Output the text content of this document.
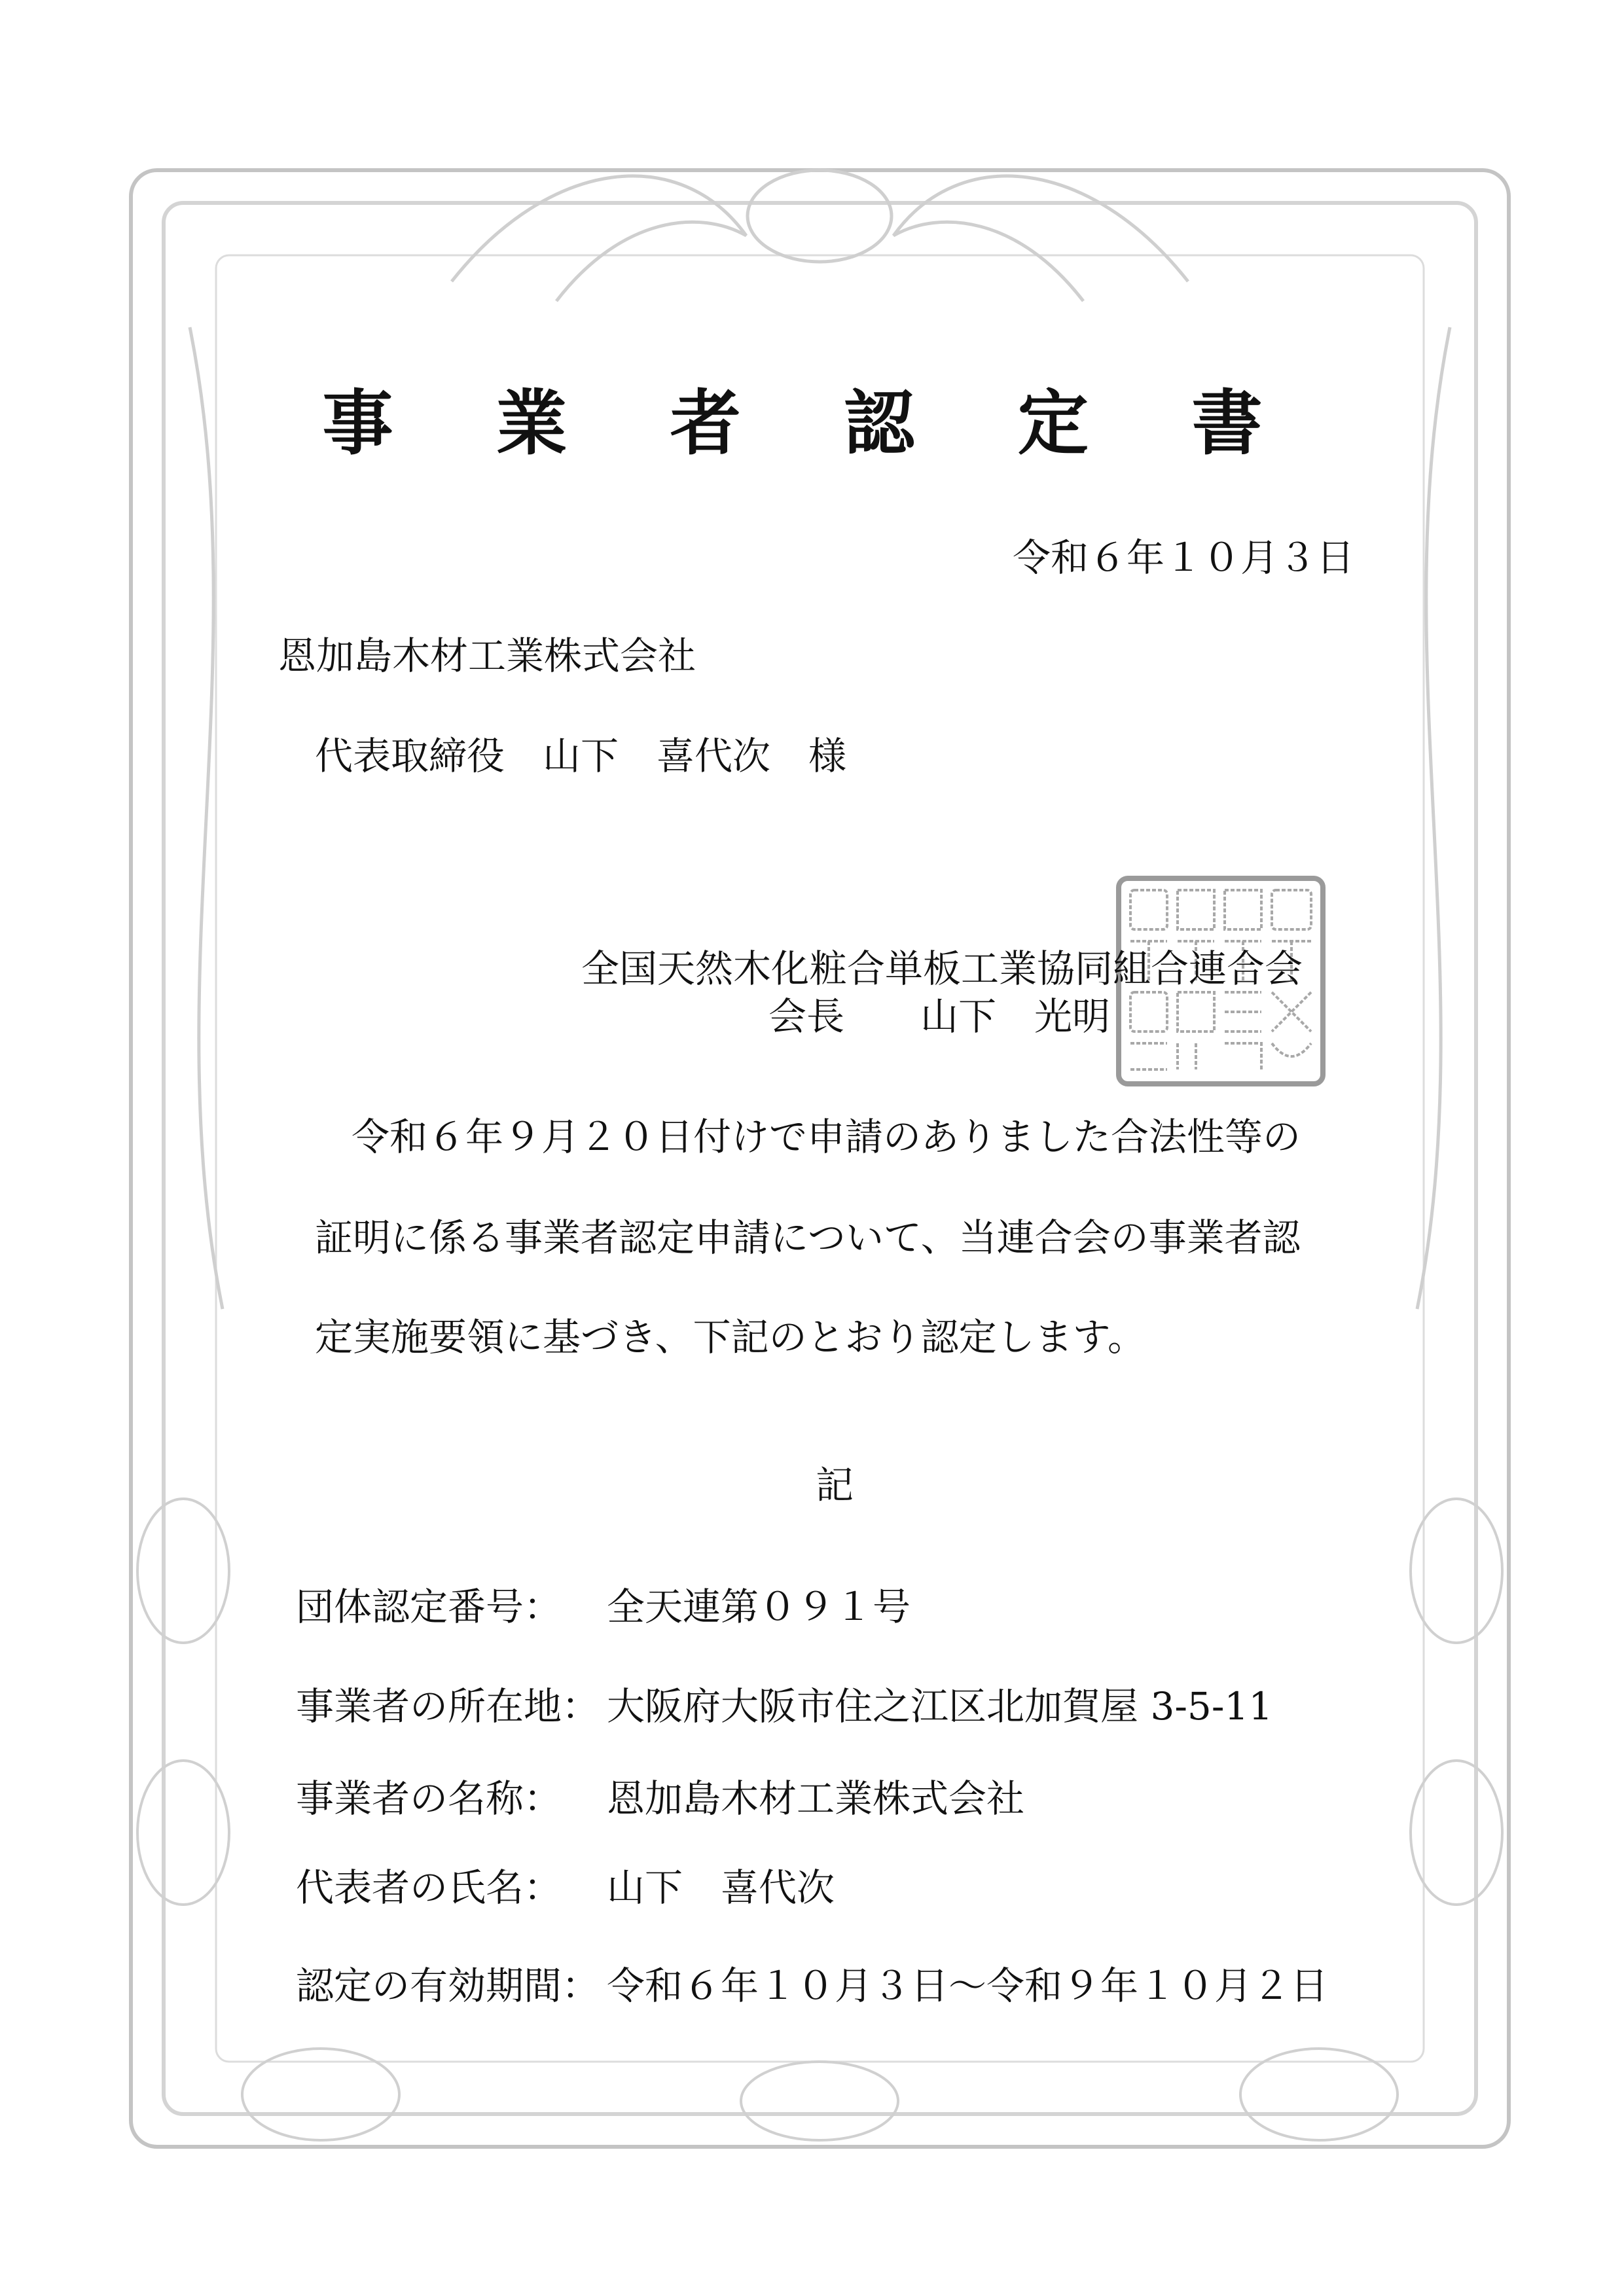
事 業 者 認 定 書
令和６年１０月３日
恩加島木材工業株式会社
代表取締役　山下　喜代次　様
全国天然木化粧合単板工業協同組合連合会
会長　　山下　光明
令和６年９月２０日付けで申請のありました合法性等の
証明に係る事業者認定申請について、当連合会の事業者認
定実施要領に基づき、下記のとおり認定します。
記
団体認定番号： 全天連第０９１号
事業者の所在地： 大阪府大阪市住之江区北加賀屋 3-5-11
事業者の名称： 恩加島木材工業株式会社
代表者の氏名： 山下　喜代次
認定の有効期間： 令和６年１０月３日～令和９年１０月２日
